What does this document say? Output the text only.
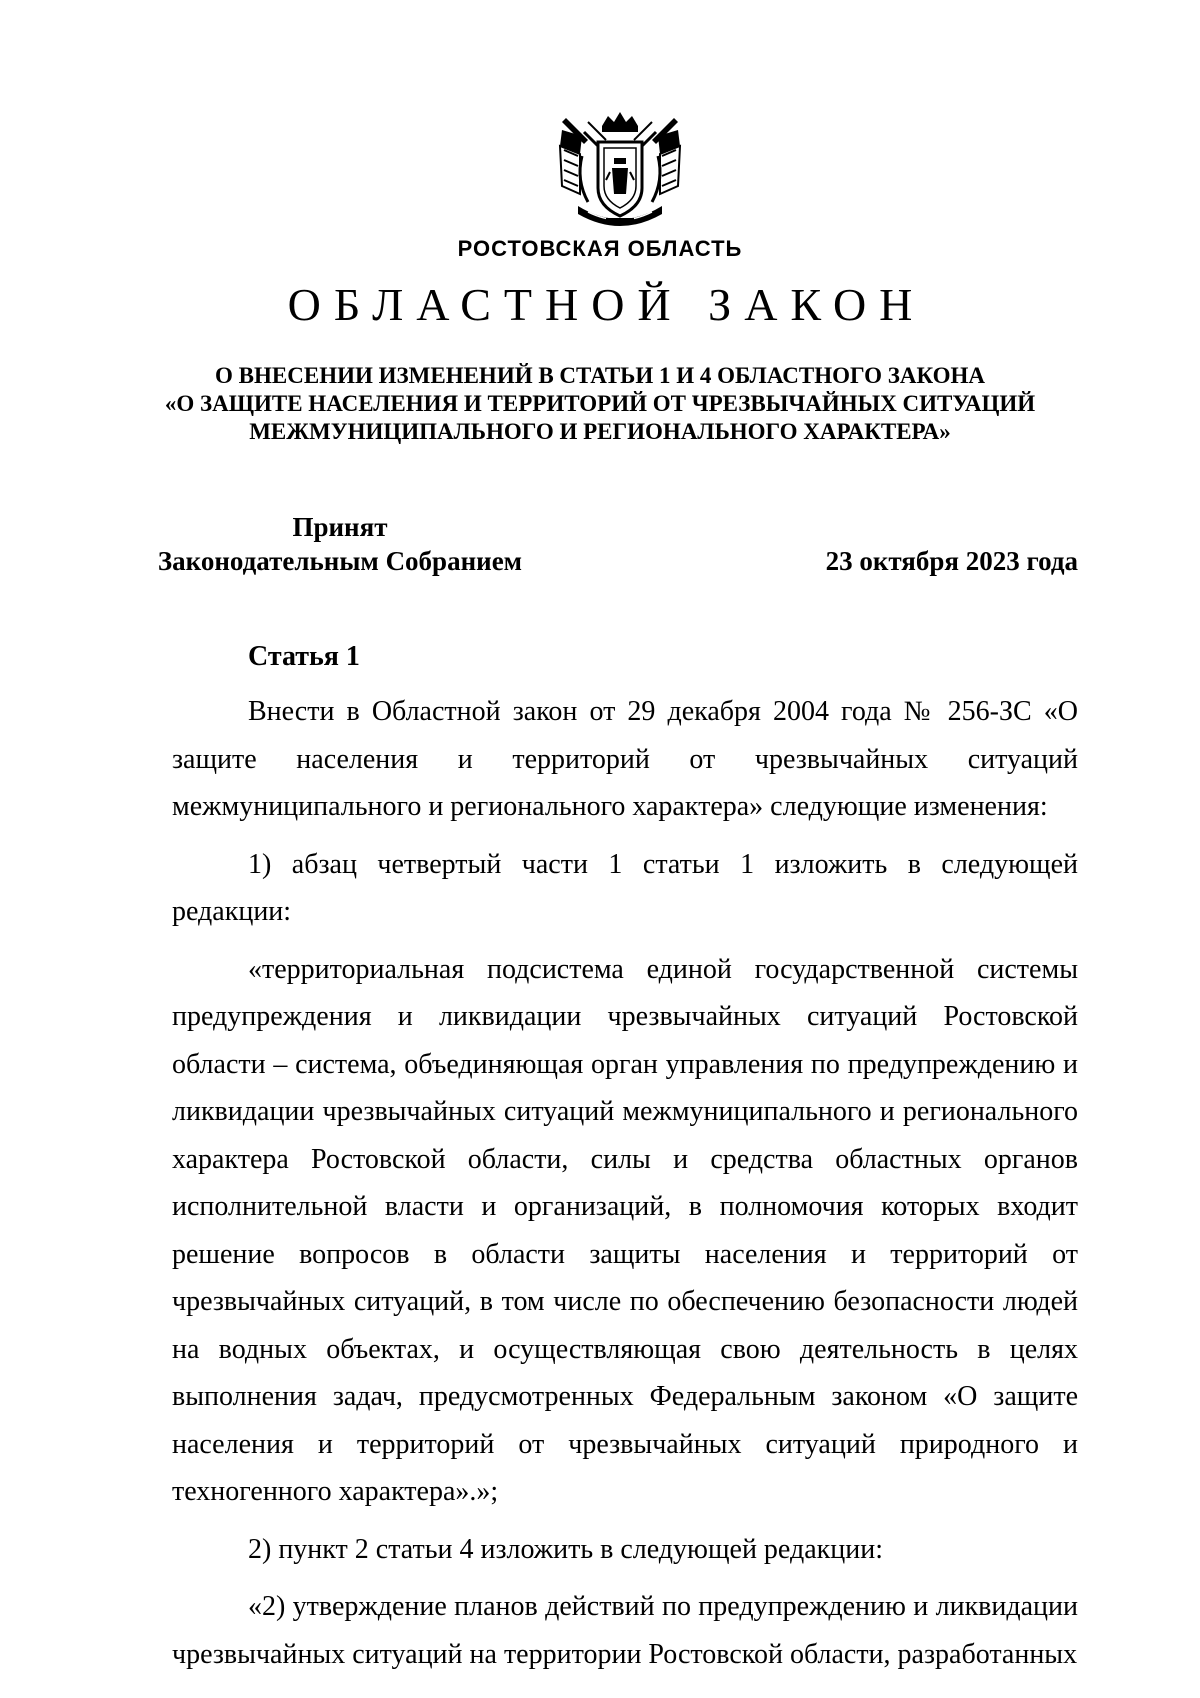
РОСТОВСКАЯ ОБЛАСТЬ
ОБЛАСТНОЙ ЗАКОН
О ВНЕСЕНИИ ИЗМЕНЕНИЙ В СТАТЬИ 1 И 4 ОБЛАСТНОГО ЗАКОНА
«О ЗАЩИТЕ НАСЕЛЕНИЯ И ТЕРРИТОРИЙ ОТ ЧРЕЗВЫЧАЙНЫХ СИТУАЦИЙ
МЕЖМУНИЦИПАЛЬНОГО И РЕГИОНАЛЬНОГО ХАРАКТЕРА»
Принят
Законодательным Собранием	23 октября 2023 года
Статья 1

Внести в Областной закон от 29 декабря 2004 года № 256-ЗС «О защите населения и территорий от чрезвычайных ситуаций межмуниципального и регионального характера» следующие изменения:

1) абзац четвертый части 1 статьи 1 изложить в следующей редакции:

«территориальная подсистема единой государственной системы предупреждения и ликвидации чрезвычайных ситуаций Ростовской области – система, объединяющая орган управления по предупреждению и ликвидации чрезвычайных ситуаций межмуниципального и регионального характера Ростовской области, силы и средства областных органов исполнительной власти и организаций, в полномочия которых входит решение вопросов в области защиты населения и территорий от чрезвычайных ситуаций, в том числе по обеспечению безопасности людей на водных объектах, и осуществляющая свою деятельность в целях выполнения задач, предусмотренных Федеральным законом «О защите населения и территорий от чрезвычайных ситуаций природного и техногенного характера».»;

2) пункт 2 статьи 4 изложить в следующей редакции:

«2) утверждение планов действий по предупреждению и ликвидации чрезвычайных ситуаций на территории Ростовской области, разработанных
